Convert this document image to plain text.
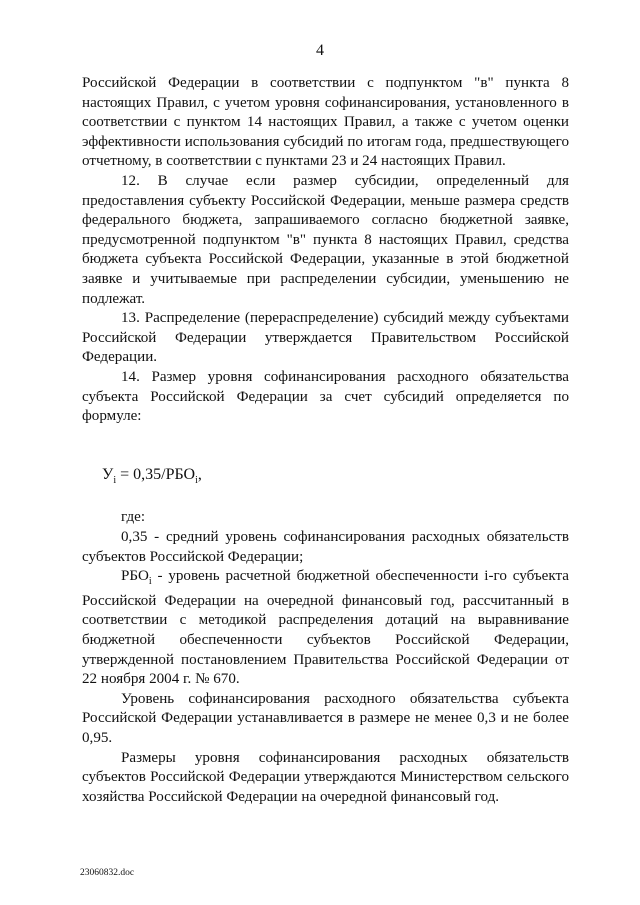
4

Российской Федерации в соответствии с подпунктом "в" пункта 8 настоящих Правил, с учетом уровня софинансирования, установленного в соответствии с пунктом 14 настоящих Правил, а также с учетом оценки эффективности использования субсидий по итогам года, предшествующего отчетному, в соответствии с пунктами 23 и 24 настоящих Правил.

12. В случае если размер субсидии, определенный для предоставления субъекту Российской Федерации, меньше размера средств федерального бюджета, запрашиваемого согласно бюджетной заявке, предусмотренной подпунктом "в" пункта 8 настоящих Правил, средства бюджета субъекта Российской Федерации, указанные в этой бюджетной заявке и учитываемые при распределении субсидии, уменьшению не подлежат.

13. Распределение (перераспределение) субсидий между субъектами Российской Федерации утверждается Правительством Российской Федерации.

14. Размер уровня софинансирования расходного обязательства субъекта Российской Федерации за счет субсидий определяется по формуле:

$У_i = 0,35/РБО_i$,

где:

0,35 - средний уровень софинансирования расходных обязательств субъектов Российской Федерации;

$РБО_i$ - уровень расчетной бюджетной обеспеченности i-го субъекта Российской Федерации на очередной финансовый год, рассчитанный в соответствии с методикой распределения дотаций на выравнивание бюджетной обеспеченности субъектов Российской Федерации, утвержденной постановлением Правительства Российской Федерации от 22 ноября 2004 г. № 670.

Уровень софинансирования расходного обязательства субъекта Российской Федерации устанавливается в размере не менее 0,3 и не более 0,95.

Размеры уровня софинансирования расходных обязательств субъектов Российской Федерации утверждаются Министерством сельского хозяйства Российской Федерации на очередной финансовый год.

23060832.doc
